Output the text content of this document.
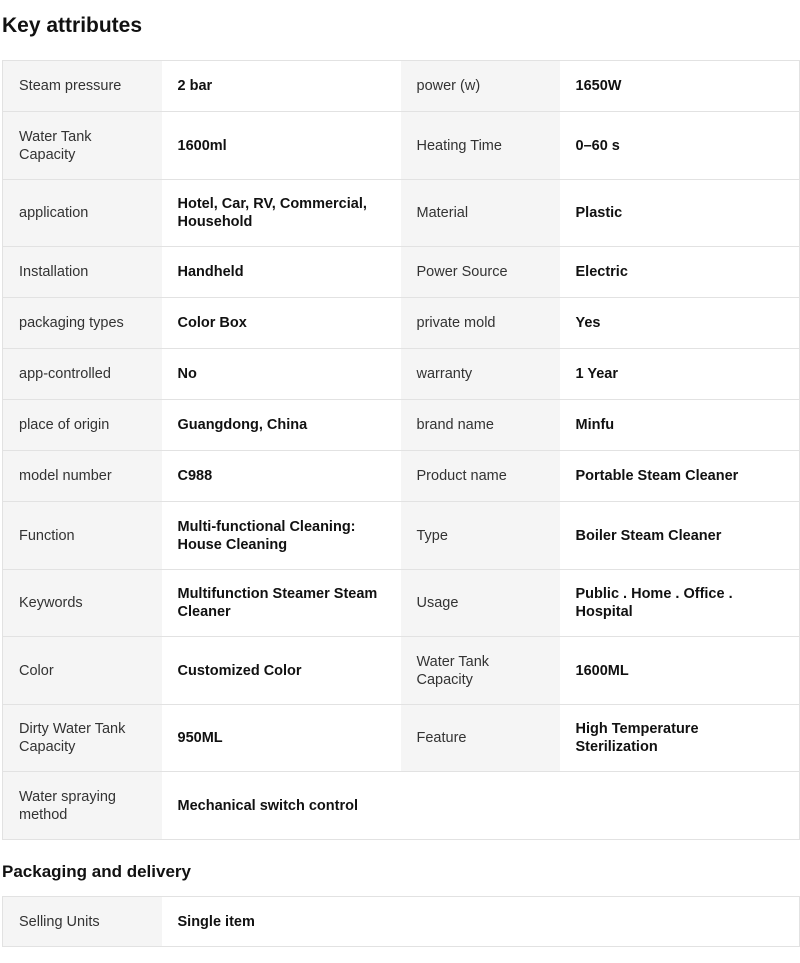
Key attributes
Steam pressure	2 bar	power (w)	1650W
Water Tank Capacity	1600ml	Heating Time	0–60 s
application	Hotel, Car, RV, Commercial, Household	Material	Plastic
Installation	Handheld	Power Source	Electric
packaging types	Color Box	private mold	Yes
app-controlled	No	warranty	1 Year
place of origin	Guangdong, China	brand name	Minfu
model number	C988	Product name	Portable Steam Cleaner
Function	Multi-functional Cleaning: House Cleaning	Type	Boiler Steam Cleaner
Keywords	Multifunction Steamer Steam Cleaner	Usage	Public . Home . Office . Hospital
Color	Customized Color	Water Tank Capacity	1600ML
Dirty Water Tank Capacity	950ML	Feature	High Temperature Sterilization
Water spraying method	Mechanical switch control		
Packaging and delivery
Selling Units	Single item
